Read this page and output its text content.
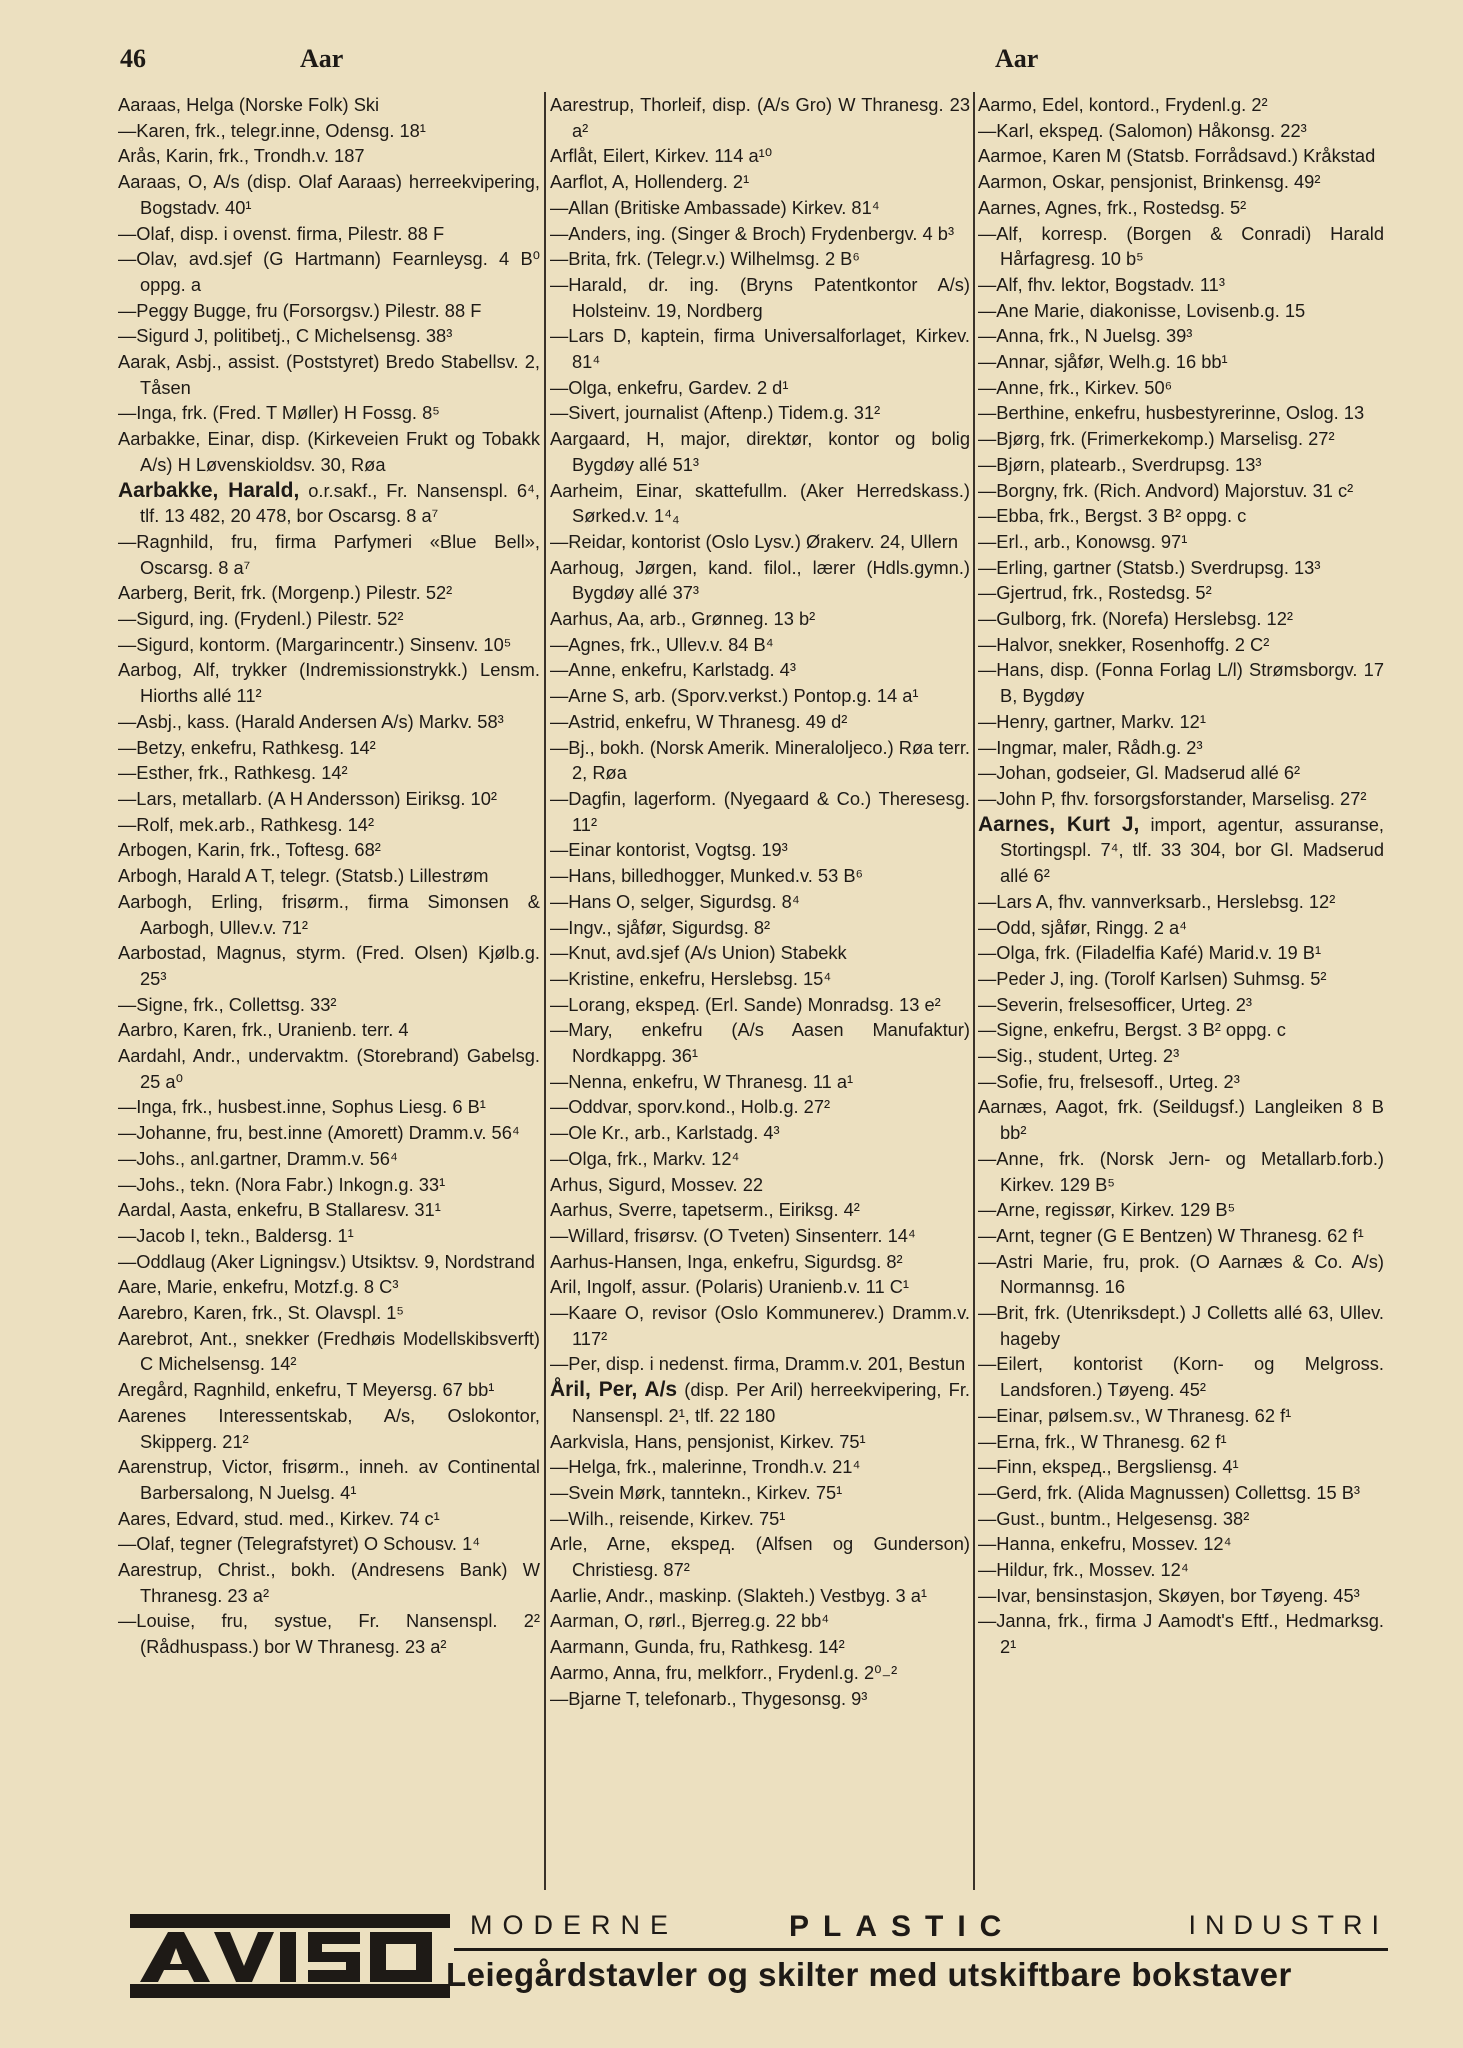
46	Aar	Aar

Aaraas, Helga (Norske Folk) Ski

—Karen, frk., telegr.inne, Odensg. 18¹

Arås, Karin, frk., Trondh.v. 187

Aaraas, O, A/s (disp. Olaf Aaraas) herreekvipering, Bogstadv. 40¹

—Olaf, disp. i ovenst. firma, Pilestr. 88 F

—Olav, avd.sjef (G Hartmann) Fearnleysg. 4 B⁰ oppg. a

—Peggy Bugge, fru (Forsorgsv.) Pilestr. 88 F

—Sigurd J, politibetj., C Michelsensg. 38³

Aarak, Asbj., assist. (Poststyret) Bredo Stabellsv. 2, Tåsen

—Inga, frk. (Fred. T Møller) H Fossg. 8⁵

Aarbakke, Einar, disp. (Kirkeveien Frukt og Tobakk A/s) H Løvenskioldsv. 30, Røa

Aarbakke, Harald, o.r.sakf., Fr. Nansenspl. 6⁴, tlf. 13 482, 20 478, bor Oscarsg. 8 a⁷

—Ragnhild, fru, firma Parfymeri «Blue Bell», Oscarsg. 8 a⁷

Aarberg, Berit, frk. (Morgenp.) Pilestr. 52²

—Sigurd, ing. (Frydenl.) Pilestr. 52²

—Sigurd, kontorm. (Margarincentr.) Sinsenv. 10⁵

Aarbog, Alf, trykker (Indremissionstrykk.) Lensm. Hiorths allé 11²

—Asbj., kass. (Harald Andersen A/s) Markv. 58³

—Betzy, enkefru, Rathkesg. 14²

—Esther, frk., Rathkesg. 14²

—Lars, metallarb. (A H Andersson) Eiriksg. 10²

—Rolf, mek.arb., Rathkesg. 14²

Arbogen, Karin, frk., Toftesg. 68²

Arbogh, Harald A T, telegr. (Statsb.) Lillestrøm

Aarbogh, Erling, frisørm., firma Simonsen & Aarbogh, Ullev.v. 71²

Aarbostad, Magnus, styrm. (Fred. Olsen) Kjølb.g. 25³

—Signe, frk., Collettsg. 33²

Aarbro, Karen, frk., Uranienb. terr. 4

Aardahl, Andr., undervaktm. (Storebrand) Gabelsg. 25 a⁰

—Inga, frk., husbest.inne, Sophus Liesg. 6 B¹

—Johanne, fru, best.inne (Amorett) Dramm.v. 56⁴

—Johs., anl.gartner, Dramm.v. 56⁴

—Johs., tekn. (Nora Fabr.) Inkogn.g. 33¹

Aardal, Aasta, enkefru, B Stallaresv. 31¹

—Jacob I, tekn., Baldersg. 1¹

—Oddlaug (Aker Ligningsv.) Utsiktsv. 9, Nordstrand

Aare, Marie, enkefru, Motzf.g. 8 C³

Aarebro, Karen, frk., St. Olavspl. 1⁵

Aarebrot, Ant., snekker (Fredhøis Modellskibsverft) C Michelsensg. 14²

Aregård, Ragnhild, enkefru, T Meyersg. 67 bb¹

Aarenes Interessentskab, A/s, Oslokontor, Skipperg. 21²

Aarenstrup, Victor, frisørm., inneh. av Continental Barbersalong, N Juelsg. 4¹

Aares, Edvard, stud. med., Kirkev. 74 c¹

—Olaf, tegner (Telegrafstyret) O Schousv. 1⁴

Aarestrup, Christ., bokh. (Andresens Bank) W Thranesg. 23 a²

—Louise, fru, systue, Fr. Nansenspl. 2² (Rådhuspass.) bor W Thranesg. 23 a²

Aarestrup, Thorleif, disp. (A/s Gro) W Thranesg. 23 a²

Arflåt, Eilert, Kirkev. 114 a¹⁰

Aarflot, A, Hollenderg. 2¹

—Allan (Britiske Ambassade) Kirkev. 81⁴

—Anders, ing. (Singer & Broch) Frydenbergv. 4 b³

—Brita, frk. (Telegr.v.) Wilhelmsg. 2 B⁶

—Harald, dr. ing. (Bryns Patentkontor A/s) Holsteinv. 19, Nordberg

—Lars D, kaptein, firma Universalforlaget, Kirkev. 81⁴

—Olga, enkefru, Gardev. 2 d¹

—Sivert, journalist (Aftenp.) Tidem.g. 31²

Aargaard, H, major, direktør, kontor og bolig Bygdøy allé 51³

Aarheim, Einar, skattefullm. (Aker Herredskass.) Sørked.v. 1⁴₄

—Reidar, kontorist (Oslo Lysv.) Ørakerv. 24, Ullern

Aarhoug, Jørgen, kand. filol., lærer (Hdls.gymn.) Bygdøy allé 37³

Aarhus, Aa, arb., Grønneg. 13 b²

—Agnes, frk., Ullev.v. 84 B⁴

—Anne, enkefru, Karlstadg. 4³

—Arne S, arb. (Sporv.verkst.) Pontop.g. 14 a¹

—Astrid, enkefru, W Thranesg. 49 d²

—Bj., bokh. (Norsk Amerik. Mineraloljeco.) Røa terr. 2, Røa

—Dagfin, lagerform. (Nyegaard & Co.) Theresesg. 11²

—Einar kontorist, Vogtsg. 19³

—Hans, billedhogger, Munked.v. 53 B⁶

—Hans O, selger, Sigurdsg. 8⁴

—Ingv., sjåfør, Sigurdsg. 8²

—Knut, avd.sjef (A/s Union) Stabekk

—Kristine, enkefru, Herslebsg. 15⁴

—Lorang, ekspeд. (Erl. Sande) Monradsg. 13 e²

—Mary, enkefru (A/s Aasen Manufaktur) Nordkappg. 36¹

—Nenna, enkefru, W Thranesg. 11 a¹

—Oddvar, sporv.kond., Holb.g. 27²

—Ole Kr., arb., Karlstadg. 4³

—Olga, frk., Markv. 12⁴

Arhus, Sigurd, Mossev. 22

Aarhus, Sverre, tapetserm., Eiriksg. 4²

—Willard, frisørsv. (O Tveten) Sinsenterr. 14⁴

Aarhus-Hansen, Inga, enkefru, Sigurdsg. 8²

Aril, Ingolf, assur. (Polaris) Uranienb.v. 11 C¹

—Kaare O, revisor (Oslo Kommunerev.) Dramm.v. 117²

—Per, disp. i nedenst. firma, Dramm.v. 201, Bestun

Åril, Per, A/s (disp. Per Aril) herreekvipering, Fr. Nansenspl. 2¹, tlf. 22 180

Aarkvisla, Hans, pensjonist, Kirkev. 75¹

—Helga, frk., malerinne, Trondh.v. 21⁴

—Svein Mørk, tanntekn., Kirkev. 75¹

—Wilh., reisende, Kirkev. 75¹

Arle, Arne, ekspeд. (Alfsen og Gunderson) Christiesg. 87²

Aarlie, Andr., maskinp. (Slakteh.) Vestbyg. 3 a¹

Aarman, O, rørl., Bjerreg.g. 22 bb⁴

Aarmann, Gunda, fru, Rathkesg. 14²

Aarmo, Anna, fru, melkforr., Frydenl.g. 2⁰₋²

—Bjarne T, telefonarb., Thygesonsg. 9³

Aarmo, Edel, kontord., Frydenl.g. 2²

—Karl, ekspeд. (Salomon) Håkonsg. 22³

Aarmoe, Karen M (Statsb. Forrådsavd.) Kråkstad

Aarmon, Oskar, pensjonist, Brinkensg. 49²

Aarnes, Agnes, frk., Rostedsg. 5²

—Alf, korresp. (Borgen & Conradi) Harald Hårfagresg. 10 b⁵

—Alf, fhv. lektor, Bogstadv. 11³

—Ane Marie, diakonisse, Lovisenb.g. 15

—Anna, frk., N Juelsg. 39³

—Annar, sjåfør, Welh.g. 16 bb¹

—Anne, frk., Kirkev. 50⁶

—Berthine, enkefru, husbestyrerinne, Oslog. 13

—Bjørg, frk. (Frimerkekomp.) Marselisg. 27²

—Bjørn, platearb., Sverdrupsg. 13³

—Borgny, frk. (Rich. Andvord) Majorstuv. 31 c²

—Ebba, frk., Bergst. 3 B² oppg. c

—Erl., arb., Konowsg. 97¹

—Erling, gartner (Statsb.) Sverdrupsg. 13³

—Gjertrud, frk., Rostedsg. 5²

—Gulborg, frk. (Norefa) Herslebsg. 12²

—Halvor, snekker, Rosenhoffg. 2 C²

—Hans, disp. (Fonna Forlag L/l) Strømsborgv. 17 B, Bygdøy

—Henry, gartner, Markv. 12¹

—Ingmar, maler, Rådh.g. 2³

—Johan, godseier, Gl. Madserud allé 6²

—John P, fhv. forsorgsforstander, Marselisg. 27²

Aarnes, Kurt J, import, agentur, assuranse, Stortingspl. 7⁴, tlf. 33 304, bor Gl. Madserud allé 6²

—Lars A, fhv. vannverksarb., Herslebsg. 12²

—Odd, sjåfør, Ringg. 2 a⁴

—Olga, frk. (Filadelfia Kafé) Marid.v. 19 B¹

—Peder J, ing. (Torolf Karlsen) Suhmsg. 5²

—Severin, frelsesofficer, Urteg. 2³

—Signe, enkefru, Bergst. 3 B² oppg. c

—Sig., student, Urteg. 2³

—Sofie, fru, frelsesoff., Urteg. 2³

Aarnæs, Aagot, frk. (Seildugsf.) Langleiken 8 B bb²

—Anne, frk. (Norsk Jern- og Metallarb.forb.) Kirkev. 129 B⁵

—Arne, regissør, Kirkev. 129 B⁵

—Arnt, tegner (G E Bentzen) W Thranesg. 62 f¹

—Astri Marie, fru, prok. (O Aarnæs & Co. A/s) Normannsg. 16

—Brit, frk. (Utenriksdept.) J Colletts allé 63, Ullev. hageby

—Eilert, kontorist (Korn- og Melgross. Landsforen.) Tøyeng. 45²

—Einar, pølsem.sv., W Thranesg. 62 f¹

—Erna, frk., W Thranesg. 62 f¹

—Finn, ekspeд., Bergsliensg. 4¹

—Gerd, frk. (Alida Magnussen) Collettsg. 15 B³

—Gust., buntm., Helgesensg. 38²

—Hanna, enkefru, Mossev. 12⁴

—Hildur, frk., Mossev. 12⁴

—Ivar, bensinstasjon, Skøyen, bor Tøyeng. 45³

—Janna, frk., firma J Aamodt's Eftf., Hedmarksg. 2¹

MODERNE	PLASTIC	INDUSTRI
Leiegårdstavler og skilter med utskiftbare bokstaver
